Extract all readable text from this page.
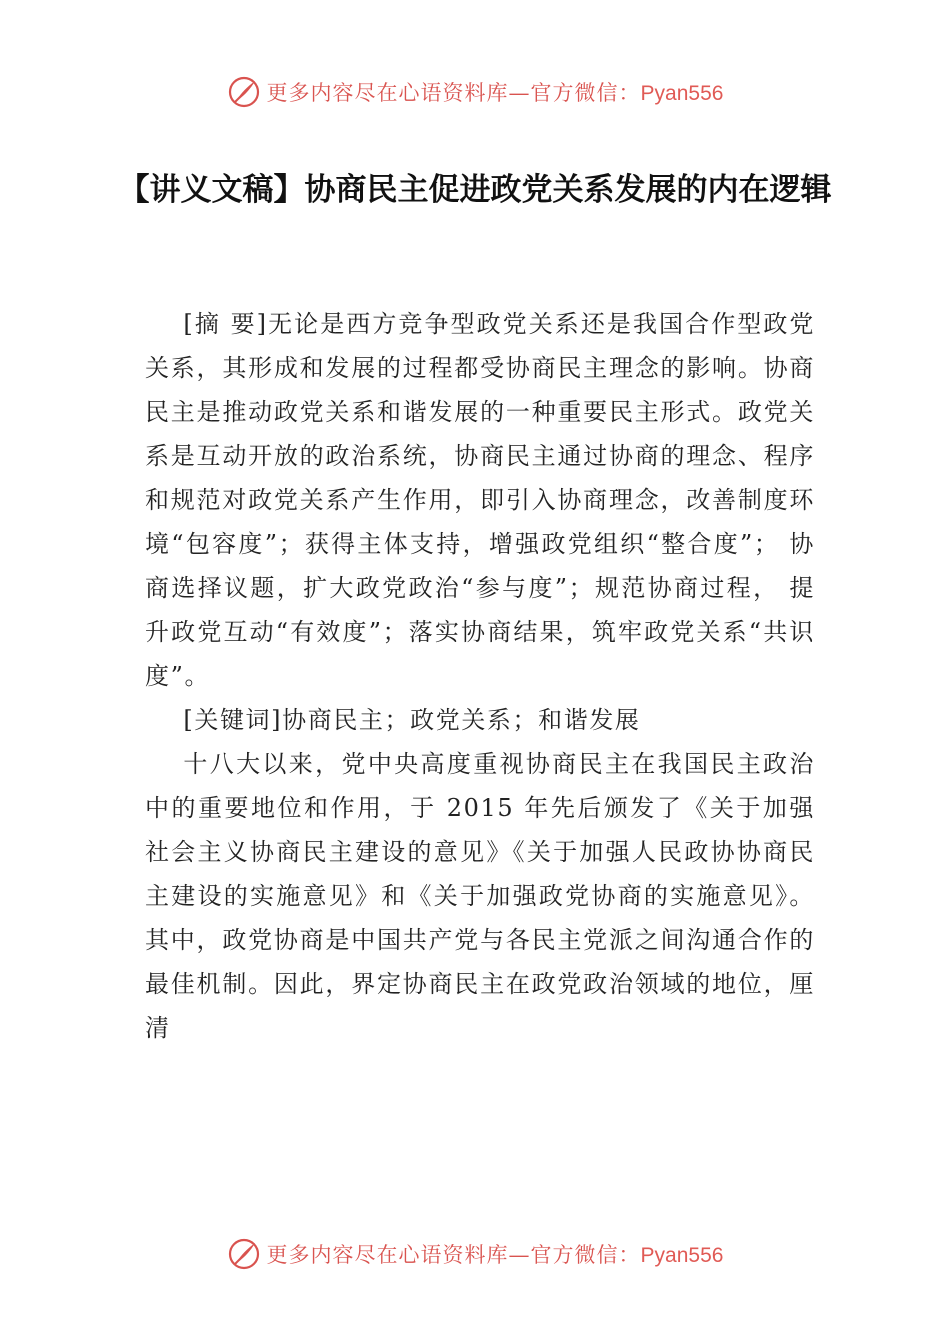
更多内容尽在心语资料库—官方微信：Pyan556
【讲义文稿】协商民主促进政党关系发展的内在逻辑

[摘 要]无论是西方竞争型政党关系还是我国合作型政党关系，其形成和发展的过程都受协商民主理念的影响。协商民主是推动政党关系和谐发展的一种重要民主形式。政党关系是互动开放的政治系统，协商民主通过协商的理念、程序和规范对政党关系产生作用，即引入协商理念，改善制度环境“包容度”；获得主体支持，增强政党组织“整合度”； 协商选择议题，扩大政党政治“参与度”；规范协商过程， 提升政党互动“有效度”；落实协商结果，筑牢政党关系“共识度”。

[关键词]协商民主；政党关系；和谐发展

十八大以来，党中央高度重视协商民主在我国民主政治中的重要地位和作用，于 2015 年先后颁发了《关于加强社会主义协商民主建设的意见》《关于加强人民政协协商民主建设的实施意见》和《关于加强政党协商的实施意见》。其中，政党协商是中国共产党与各民主党派之间沟通合作的最佳机制。因此，界定协商民主在政党政治领域的地位，厘清

更多内容尽在心语资料库—官方微信：Pyan556
